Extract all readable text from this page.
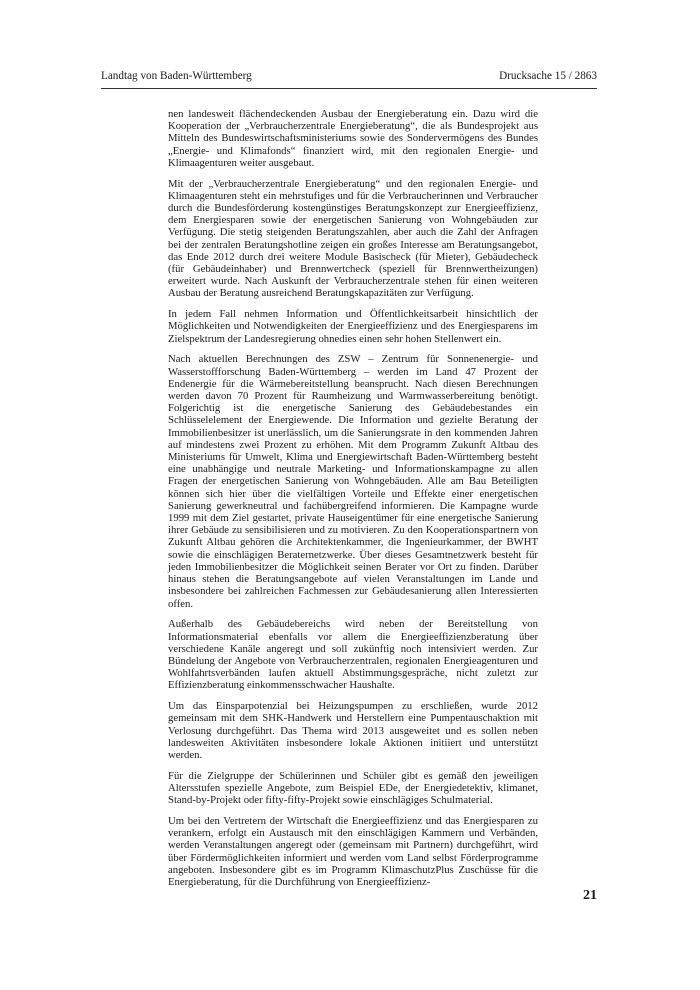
Landtag von Baden-Württemberg	Drucksache 15 / 2863

nen landesweit flächendeckenden Ausbau der Energieberatung ein. Dazu wird die Kooperation der „Verbraucherzentrale Energieberatung“, die als Bundesprojekt aus Mitteln des Bundeswirtschaftsministeriums sowie des Sondervermögens des Bundes „Energie- und Klimafonds“ finanziert wird, mit den regionalen Energie- und Klimaagenturen weiter ausgebaut.

Mit der „Verbraucherzentrale Energieberatung“ und den regionalen Energie- und Klimaagenturen steht ein mehrstufiges und für die Verbraucherinnen und Verbraucher durch die Bundesförderung kostengünstiges Beratungskonzept zur Energieeffizienz, dem Energiesparen sowie der energetischen Sanierung von Wohngebäuden zur Verfügung. Die stetig steigenden Beratungszahlen, aber auch die Zahl der Anfragen bei der zentralen Beratungshotline zeigen ein großes Interesse am Beratungsangebot, das Ende 2012 durch drei weitere Module Basischeck (für Mieter), Gebäudecheck (für Gebäudeinhaber) und Brennwertcheck (speziell für Brennwertheizungen) erweitert wurde. Nach Auskunft der Verbraucherzentrale stehen für einen weiteren Ausbau der Beratung ausreichend Beratungskapazitäten zur Verfügung.

In jedem Fall nehmen Information und Öffentlichkeitsarbeit hinsichtlich der Möglichkeiten und Notwendigkeiten der Energieeffizienz und des Energiesparens im Zielspektrum der Landesregierung ohnedies einen sehr hohen Stellenwert ein.

Nach aktuellen Berechnungen des ZSW – Zentrum für Sonnenenergie- und Wasserstoffforschung Baden-Württemberg – werden im Land 47 Prozent der Endenergie für die Wärmebereitstellung beansprucht. Nach diesen Berechnungen werden davon 70 Prozent für Raumheizung und Warmwasserbereitung benötigt. Folgerichtig ist die energetische Sanierung des Gebäudebestandes ein Schlüsselelement der Energiewende. Die Information und gezielte Beratung der Immobilienbesitzer ist unerlässlich, um die Sanierungsrate in den kommenden Jahren auf mindestens zwei Prozent zu erhöhen. Mit dem Programm Zukunft Altbau des Ministeriums für Umwelt, Klima und Energiewirtschaft Baden-Württemberg besteht eine unabhängige und neutrale Marketing- und Informationskampagne zu allen Fragen der energetischen Sanierung von Wohngebäuden. Alle am Bau Beteiligten können sich hier über die vielfältigen Vorteile und Effekte einer energetischen Sanierung gewerkneutral und fachübergreifend informieren. Die Kampagne wurde 1999 mit dem Ziel gestartet, private Hauseigentümer für eine energetische Sanierung ihrer Gebäude zu sensibilisieren und zu motivieren. Zu den Kooperationspartnern von Zukunft Altbau gehören die Architektenkammer, die Ingenieurkammer, der BWHT sowie die einschlägigen Beraternetzwerke. Über dieses Gesamtnetzwerk besteht für jeden Immobilienbesitzer die Möglichkeit seinen Berater vor Ort zu finden. Darüber hinaus stehen die Beratungsangebote auf vielen Veranstaltungen im Lande und insbesondere bei zahlreichen Fachmessen zur Gebäudesanierung allen Interessierten offen.

Außerhalb des Gebäudebereichs wird neben der Bereitstellung von Informationsmaterial ebenfalls vor allem die Energieeffizienzberatung über verschiedene Kanäle angeregt und soll zukünftig noch intensiviert werden. Zur Bündelung der Angebote von Verbraucherzentralen, regionalen Energieagenturen und Wohlfahrtsverbänden laufen aktuell Abstimmungsgespräche, nicht zuletzt zur Effizienzberatung einkommensschwacher Haushalte.

Um das Einsparpotenzial bei Heizungspumpen zu erschließen, wurde 2012 gemeinsam mit dem SHK-Handwerk und Herstellern eine Pumpentauschaktion mit Verlosung durchgeführt. Das Thema wird 2013 ausgeweitet und es sollen neben landesweiten Aktivitäten insbesondere lokale Aktionen initiiert und unterstützt werden.

Für die Zielgruppe der Schülerinnen und Schüler gibt es gemäß den jeweiligen Altersstufen spezielle Angebote, zum Beispiel EDe, der Energiedetektiv, klimanet, Stand-by-Projekt oder fifty-fifty-Projekt sowie einschlägiges Schulmaterial.

Um bei den Vertretern der Wirtschaft die Energieeffizienz und das Energiesparen zu verankern, erfolgt ein Austausch mit den einschlägigen Kammern und Verbänden, werden Veranstaltungen angeregt oder (gemeinsam mit Partnern) durchgeführt, wird über Fördermöglichkeiten informiert und werden vom Land selbst Förderprogramme angeboten. Insbesondere gibt es im Programm KlimaschutzPlus Zuschüsse für die Energieberatung, für die Durchführung von Energieeffizienz-

21
